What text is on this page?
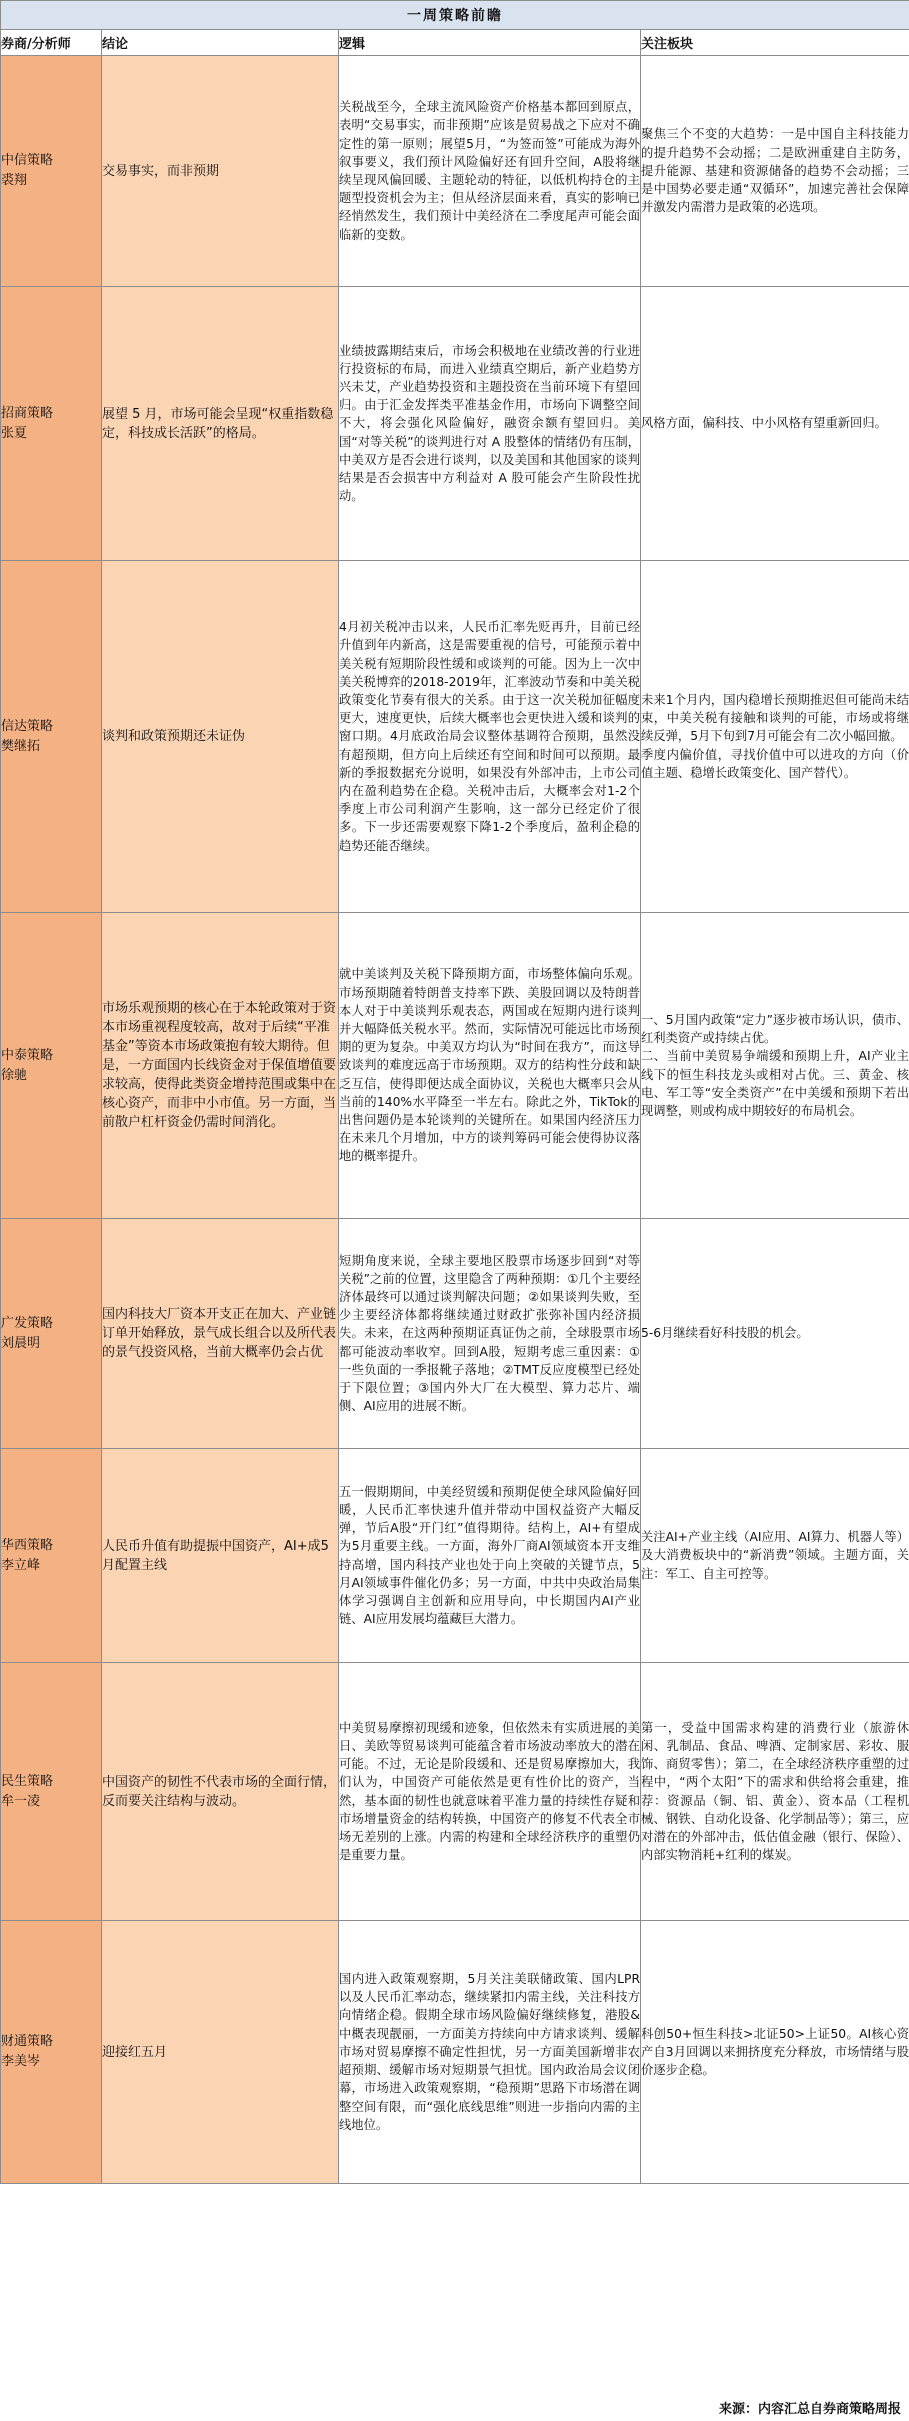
一周策略前瞻			
券商/分析师	结论	逻辑	关注板块

中信策略
裘翔	交易事实，而非预期	关税战至今，全球主流风险资产价格基本都回到原点，表明“交易事实，而非预期”应该是贸易战之下应对不确定性的第一原则；展望5月，“为签而签”可能成为海外叙事要义，我们预计风险偏好还有回升空间，A股将继续呈现风偏回暖、主题轮动的特征，以低机构持仓的主题型投资机会为主；但从经济层面来看，真实的影响已经悄然发生，我们预计中美经济在二季度尾声可能会面临新的变数。	聚焦三个不变的大趋势：一是中国自主科技能力的提升趋势不会动摇；二是欧洲重建自主防务，提升能源、基建和资源储备的趋势不会动摇；三是中国势必要走通“双循环”，加速完善社会保障并激发内需潜力是政策的必选项。

招商策略
张夏	展望 5 月，市场可能会呈现“权重指数稳定，科技成长活跃”的格局。	业绩披露期结束后，市场会积极地在业绩改善的行业进行投资标的布局，而进入业绩真空期后，新产业趋势方兴未艾，产业趋势投资和主题投资在当前环境下有望回归。由于汇金发挥类平准基金作用，市场向下调整空间不大，将会强化风险偏好，融资余额有望回归。美国“对等关税”的谈判进行对 A 股整体的情绪仍有压制，中美双方是否会进行谈判，以及美国和其他国家的谈判结果是否会损害中方利益对 A 股可能会产生阶段性扰动。	风格方面，偏科技、中小风格有望重新回归。

信达策略
樊继拓	谈判和政策预期还未证伪	4月初关税冲击以来，人民币汇率先贬再升，目前已经升值到年内新高，这是需要重视的信号，可能预示着中美关税有短期阶段性缓和或谈判的可能。因为上一次中美关税博弈的2018-2019年，汇率波动节奏和中美关税政策变化节奏有很大的关系。由于这一次关税加征幅度更大，速度更快，后续大概率也会更快进入缓和谈判的窗口期。4月底政治局会议整体基调符合预期，虽然没有超预期，但方向上后续还有空间和时间可以预期。最新的季报数据充分说明，如果没有外部冲击，上市公司内在盈利趋势在企稳。关税冲击后，大概率会对1-2个季度上市公司利润产生影响，这一部分已经定价了很多。下一步还需要观察下降1-2个季度后，盈利企稳的趋势还能否继续。	未来1个月内，国内稳增长预期推迟但可能尚未结束，中美关税有接触和谈判的可能，市场或将继续反弹，5月下旬到7月可能会有二次小幅回撤。
季度内偏价值，寻找价值中可以进攻的方向（价值主题、稳增长政策变化、国产替代）。

中泰策略
徐驰	市场乐观预期的核心在于本轮政策对于资本市场重视程度较高，故对于后续“平准基金”等资本市场政策抱有较大期待。但是，一方面国内长线资金对于保值增值要求较高，使得此类资金增持范围或集中在核心资产，而非中小市值。另一方面，当前散户杠杆资金仍需时间消化。	就中美谈判及关税下降预期方面，市场整体偏向乐观。市场预期随着特朗普支持率下跌、美股回调以及特朗普本人对于中美谈判乐观表态，两国或在短期内进行谈判并大幅降低关税水平。然而，实际情况可能远比市场预期的更为复杂。中美双方均认为“时间在我方”，而这导致谈判的难度远高于市场预期。双方的结构性分歧和缺乏互信，使得即便达成全面协议，关税也大概率只会从当前的140%水平降至一半左右。除此之外，TikTok的出售问题仍是本轮谈判的关键所在。如果国内经济压力在未来几个月增加，中方的谈判筹码可能会使得协议落地的概率提升。	一、5月国内政策“定力”逐步被市场认识，债市、红利类资产或持续占优。
二、当前中美贸易争端缓和预期上升，AI产业主线下的恒生科技龙头或相对占优。三、黄金、核电、军工等“安全类资产”在中美缓和预期下若出现调整，则或构成中期较好的布局机会。

广发策略
刘晨明	国内科技大厂资本开支正在加大、产业链订单开始释放，景气成长组合以及所代表的景气投资风格，当前大概率仍会占优	短期角度来说，全球主要地区股票市场逐步回到“对等关税”之前的位置，这里隐含了两种预期：①几个主要经济体最终可以通过谈判解决问题；②如果谈判失败，至少主要经济体都将继续通过财政扩张弥补国内经济损失。未来，在这两种预期证真证伪之前，全球股票市场都可能波动率收窄。回到A股，短期考虑三重因素：①一些负面的一季报靴子落地；②TMT反应度模型已经处于下限位置；③国内外大厂在大模型、算力芯片、端侧、AI应用的进展不断。	5-6月继续看好科技股的机会。

华西策略
李立峰	人民币升值有助提振中国资产，AI+成5月配置主线	五一假期期间，中美经贸缓和预期促使全球风险偏好回暖，人民币汇率快速升值并带动中国权益资产大幅反弹，节后A股“开门红”值得期待。结构上，AI+有望成为5月重要主线。一方面，海外厂商AI领域资本开支维持高增，国内科技产业也处于向上突破的关键节点，5月AI领域事件催化仍多；另一方面，中共中央政治局集体学习强调自主创新和应用导向，中长期国内AI产业链、AI应用发展均蕴藏巨大潜力。	关注AI+产业主线（AI应用、AI算力、机器人等）及大消费板块中的“新消费”领域。主题方面，关注：军工、自主可控等。

民生策略
牟一凌	中国资产的韧性不代表市场的全面行情，反而要关注结构与波动。	中美贸易摩擦初现缓和迹象，但依然未有实质进展的美日、美欧等贸易谈判可能蕴含着市场波动率放大的潜在可能。不过，无论是阶段缓和、还是贸易摩擦加大，我们认为，中国资产可能依然是更有性价比的资产，当然，基本面的韧性也就意味着平准力量的持续性存疑和市场增量资金的结构转换，中国资产的修复不代表全市场无差别的上涨。内需的构建和全球经济秩序的重塑仍是重要力量。	第一，受益中国需求构建的消费行业（旅游休闲、乳制品、食品、啤酒、定制家居、彩妆、服饰、商贸零售）；第二，在全球经济秩序重塑的过程中，“两个太阳”下的需求和供给将会重建，推荐：资源品（铜、铝、黄金）、资本品（工程机械、钢铁、自动化设备、化学制品等）；第三，应对潜在的外部冲击，低估值金融（银行、保险）、内部实物消耗+红利的煤炭。

财通策略
李美岑	迎接红五月	国内进入政策观察期，5月关注美联储政策、国内LPR以及人民币汇率动态，继续紧扣内需主线，关注科技方向情绪企稳。假期全球市场风险偏好继续修复，港股&中概表现靓丽，一方面美方持续向中方请求谈判、缓解市场对贸易摩擦不确定性担忧，另一方面美国新增非农超预期、缓解市场对短期景气担忧。国内政治局会议闭幕，市场进入政策观察期，“稳预期”思路下市场潜在调整空间有限，而“强化底线思维”则进一步指向内需的主线地位。	科创50+恒生科技>北证50>上证50。AI核心资产自3月回调以来拥挤度充分释放，市场情绪与股价逐步企稳。
来源：内容汇总自券商策略周报
